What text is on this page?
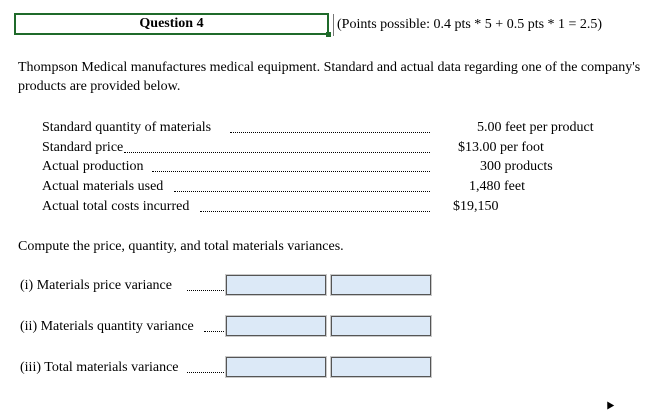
Question 4	(Points possible: 0.4 pts * 5 + 0.5 pts * 1 = 2.5)
Thompson Medical manufactures medical equipment. Standard and actual data regarding one of the company's products are provided below.
Standard quantity of materials	5.00 feet per product
Standard price	$13.00 per foot
Actual production	300 products
Actual materials used	1,480 feet
Actual total costs incurred	$19,150
Compute the price, quantity, and total materials variances.
(i) Materials price variance
(ii) Materials quantity variance
(iii) Total materials variance
